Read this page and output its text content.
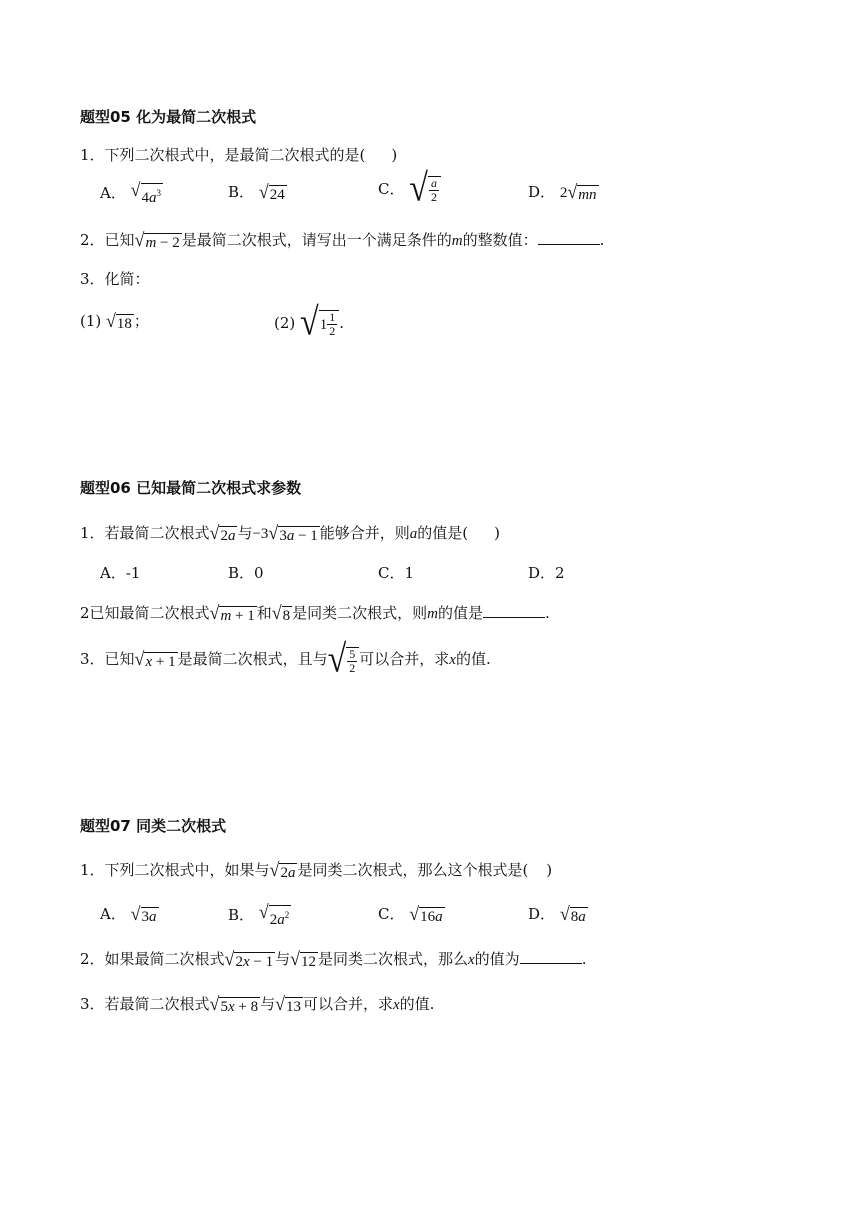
题型05 化为最简二次根式
1．下列二次根式中，是最简二次根式的是( )
A． √ $4a^3$	B． √ 24	C． √ $\frac{a}{2}$	D． 2 √ mn
2．已知 √ m − 2 是最简二次根式，请写出一个满足条件的m的整数值：	.
3．化简：
(1) √ 18 ；	(2) √ $1 \frac{1}{2}$ .
题型06 已知最简二次根式求参数
1．若最简二次根式 √ 2a 与−3 √ 3a − 1 能够合并，则a的值是( )
A．-1	B．0	C．1	D．2
2已知最简二次根式 √ m + 1 和 √ 8 是同类二次根式，则m的值是	.
3．已知 √ x + 1 是最简二次根式，且与 √ $\frac{5}{2}$ 可以合并，求x的值.
题型07 同类二次根式
1．下列二次根式中，如果与 √ 2a 是同类二次根式，那么这个根式是( )
A． √ 3a	B． √ $2a^2$	C． √ 16a	D． √ 8a
2．如果最简二次根式 √ 2x − 1 与 √ 12 是同类二次根式，那么x的值为	.
3．若最简二次根式 √ 5x + 8 与 √ 13 可以合并，求x的值.
